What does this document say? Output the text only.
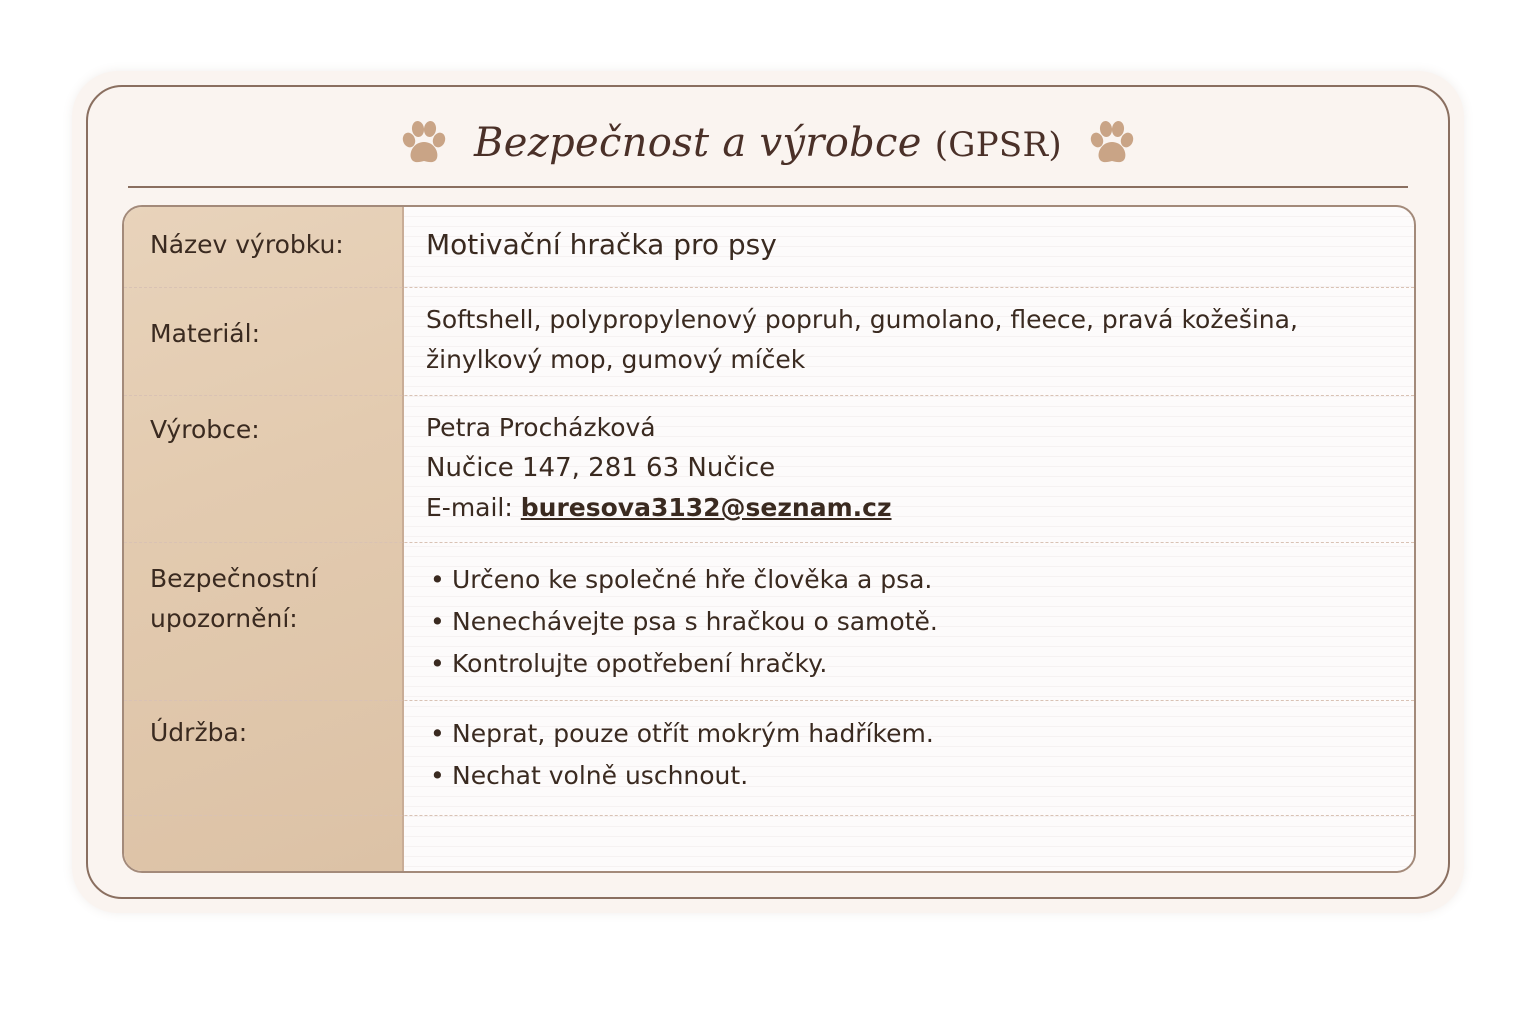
Bezpečnost a výrobce (GPSR)
Název výrobku:	Motivační hračka pro psy
Materiál:	Softshell, polypropylenový popruh, gumolano, fleece, pravá kožešina,
žinylkový mop, gumový míček
Výrobce:	Petra Procházková
Nučice 147, 281 63 Nučice
E-mail: buresova3132@seznam.cz
Bezpečnostní
upozornění:
• Určeno ke společné hře člověka a psa.
• Nenechávejte psa s hračkou o samotě.
• Kontrolujte opotřebení hračky.
Údržba:
•	Neprat, pouze otřít mokrým hadříkem.
• Nechat volně uschnout.
